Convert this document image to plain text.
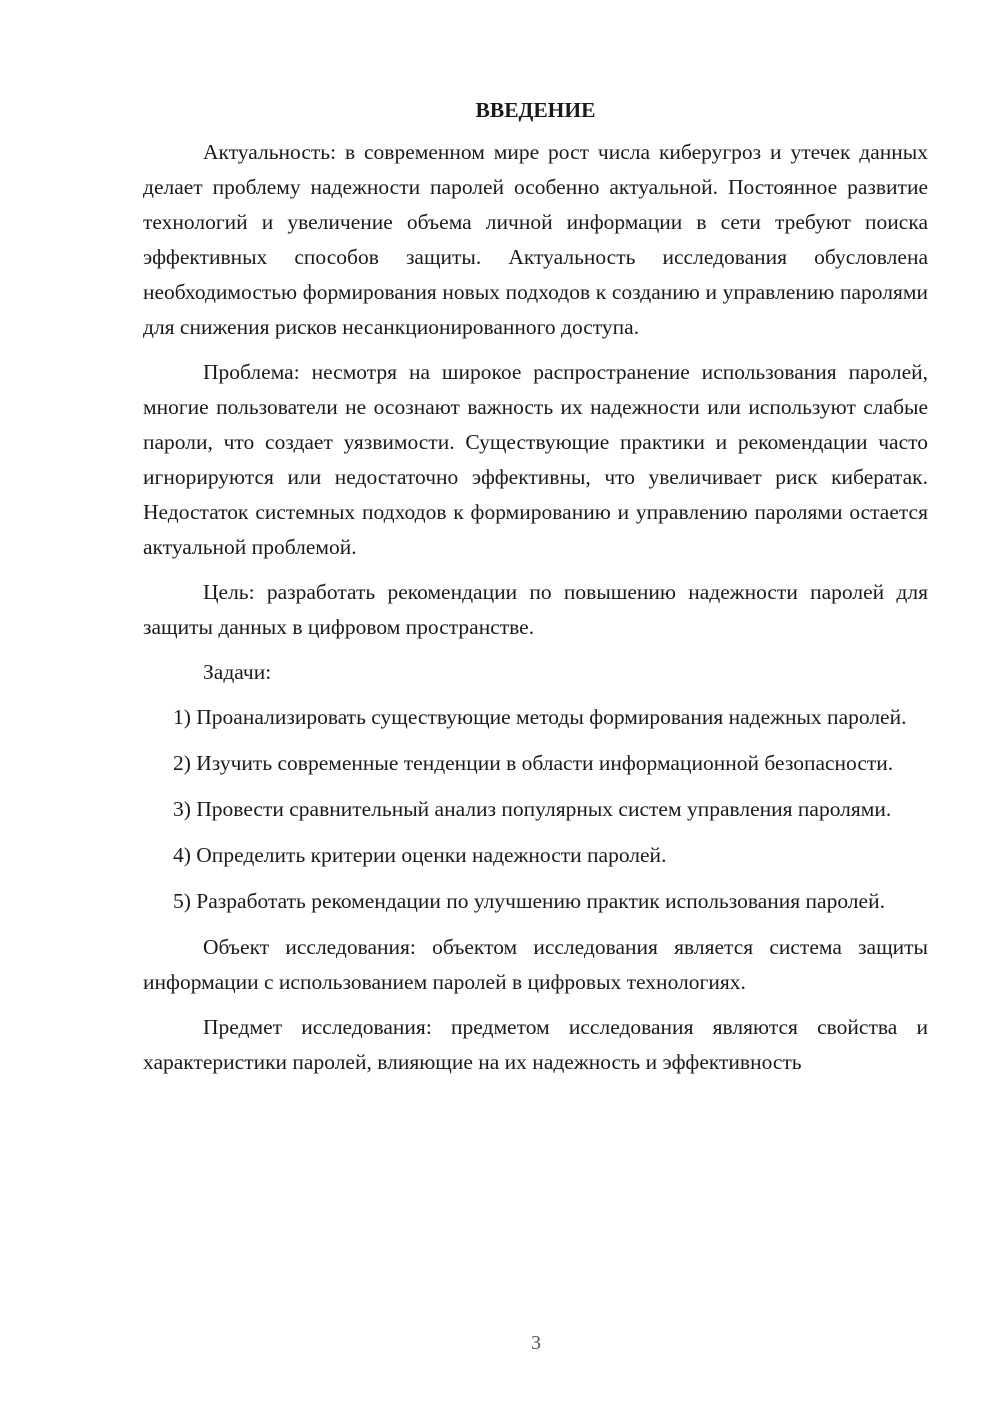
ВВЕДЕНИЕ

Актуальность: в современном мире рост числа киберугроз и утечек данных делает проблему надежности паролей особенно актуальной. Постоянное развитие технологий и увеличение объема личной информации в сети требуют поиска эффективных способов защиты. Актуальность исследования обусловлена необходимостью формирования новых подходов к созданию и управлению паролями для снижения рисков несанкционированного доступа.

Проблема: несмотря на широкое распространение использования паролей, многие пользователи не осознают важность их надежности или используют слабые пароли, что создает уязвимости. Существующие практики и рекомендации часто игнорируются или недостаточно эффективны, что увеличивает риск кибератак. Недостаток системных подходов к формированию и управлению паролями остается актуальной проблемой.

Цель: разработать рекомендации по повышению надежности паролей для защиты данных в цифровом пространстве.

Задачи:

1) Проанализировать существующие методы формирования надежных паролей.

2) Изучить современные тенденции в области информационной безопасности.

3) Провести сравнительный анализ популярных систем управления паролями.

4) Определить критерии оценки надежности паролей.

5) Разработать рекомендации по улучшению практик использования паролей.

Объект исследования: объектом исследования является система защиты информации с использованием паролей в цифровых технологиях.

Предмет исследования: предметом исследования являются свойства и характеристики паролей, влияющие на их надежность и эффективность

3
